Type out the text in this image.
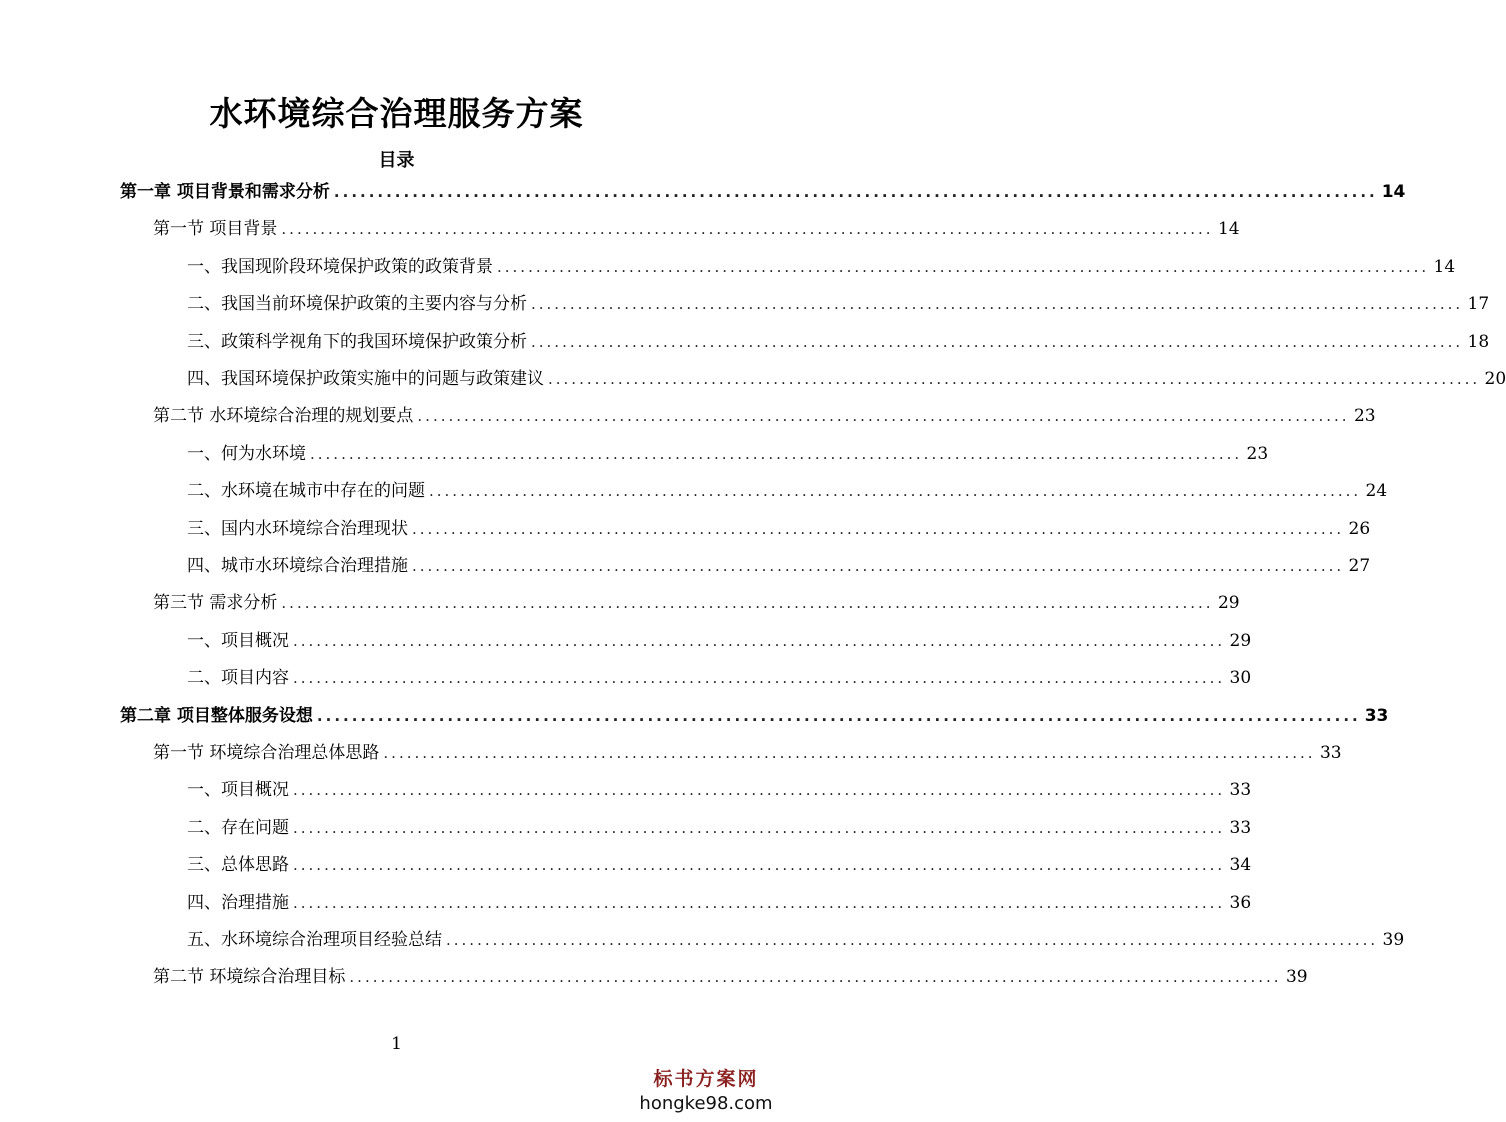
水环境综合治理服务方案
目录
第一章 项目背景和需求分析 ........................................................................................................................ 14
第一节 项目背景 ........................................................................................................................ 14
一、我国现阶段环境保护政策的政策背景 ........................................................................................................................ 14
二、我国当前环境保护政策的主要内容与分析 ........................................................................................................................ 17
三、政策科学视角下的我国环境保护政策分析 ........................................................................................................................ 18
四、我国环境保护政策实施中的问题与政策建议 ........................................................................................................................ 20
第二节 水环境综合治理的规划要点 ........................................................................................................................ 23
一、何为水环境 ........................................................................................................................ 23
二、水环境在城市中存在的问题 ........................................................................................................................ 24
三、国内水环境综合治理现状 ........................................................................................................................ 26
四、城市水环境综合治理措施 ........................................................................................................................ 27
第三节 需求分析 ........................................................................................................................ 29
一、项目概况 ........................................................................................................................ 29
二、项目内容 ........................................................................................................................ 30
第二章 项目整体服务设想 ........................................................................................................................ 33
第一节 环境综合治理总体思路 ........................................................................................................................ 33
一、项目概况 ........................................................................................................................ 33
二、存在问题 ........................................................................................................................ 33
三、总体思路 ........................................................................................................................ 34
四、治理措施 ........................................................................................................................ 36
五、水环境综合治理项目经验总结 ........................................................................................................................ 39
第二节 环境综合治理目标 ........................................................................................................................ 39
1
标书方案网
hongke98.com
